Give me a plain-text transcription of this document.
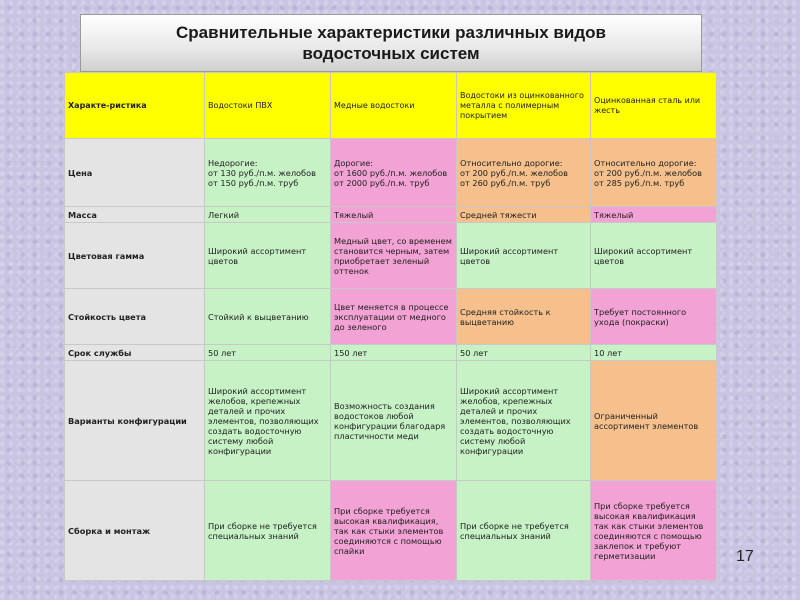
Сравнительные характеристики различных видов
водосточных систем
Характе-ристика	Водостоки ПВХ	Медные водостоки	Водостоки из оцинкованного металла с полимерным покрытием	Оцинкованная сталь или жесть
Цена	Недорогие:
от 130 руб./п.м. желобов
от 150 руб./п.м. труб	Дорогие:
от 1600 руб./п.м. желобов
от 2000 руб./п.м. труб	Относительно дорогие:
от 200 руб./п.м. желобов
от 260 руб./п.м. труб	Относительно дорогие:
от 200 руб./п.м. желобов
от 285 руб./п.м. труб
Масса	Легкий	Тяжелый	Средней тяжести	Тяжелый
Цветовая гамма	Широкий ассортимент цветов	Медный цвет, со временем становится черным, затем приобретает зеленый оттенок	Широкий ассортимент цветов	Широкий ассортимент цветов
Стойкость цвета	Стойкий к выцветанию	Цвет меняется в процессе эксплуатации от медного до зеленого	Средняя стойкость к выцветанию	Требует постоянного ухода (покраски)
Срок службы	50 лет	150 лет	50 лет	10 лет
Варианты конфигурации	Широкий ассортимент желобов, крепежных деталей и прочих элементов, позволяющих создать водосточную систему любой конфигурации	Возможность создания водостоков любой конфигурации благодаря пластичности меди	Широкий ассортимент желобов, крепежных деталей и прочих элементов, позволяющих создать водосточную систему любой конфигурации	Ограниченный ассортимент элементов
Сборка и монтаж	При сборке не требуется специальных знаний	При сборке требуется высокая квалификация, так как стыки элементов соединяются с помощью спайки	При сборке не требуется специальных знаний	При сборке требуется высокая квалификация так как стыки элементов соединяются с помощью заклепок и требуют герметизации	17
